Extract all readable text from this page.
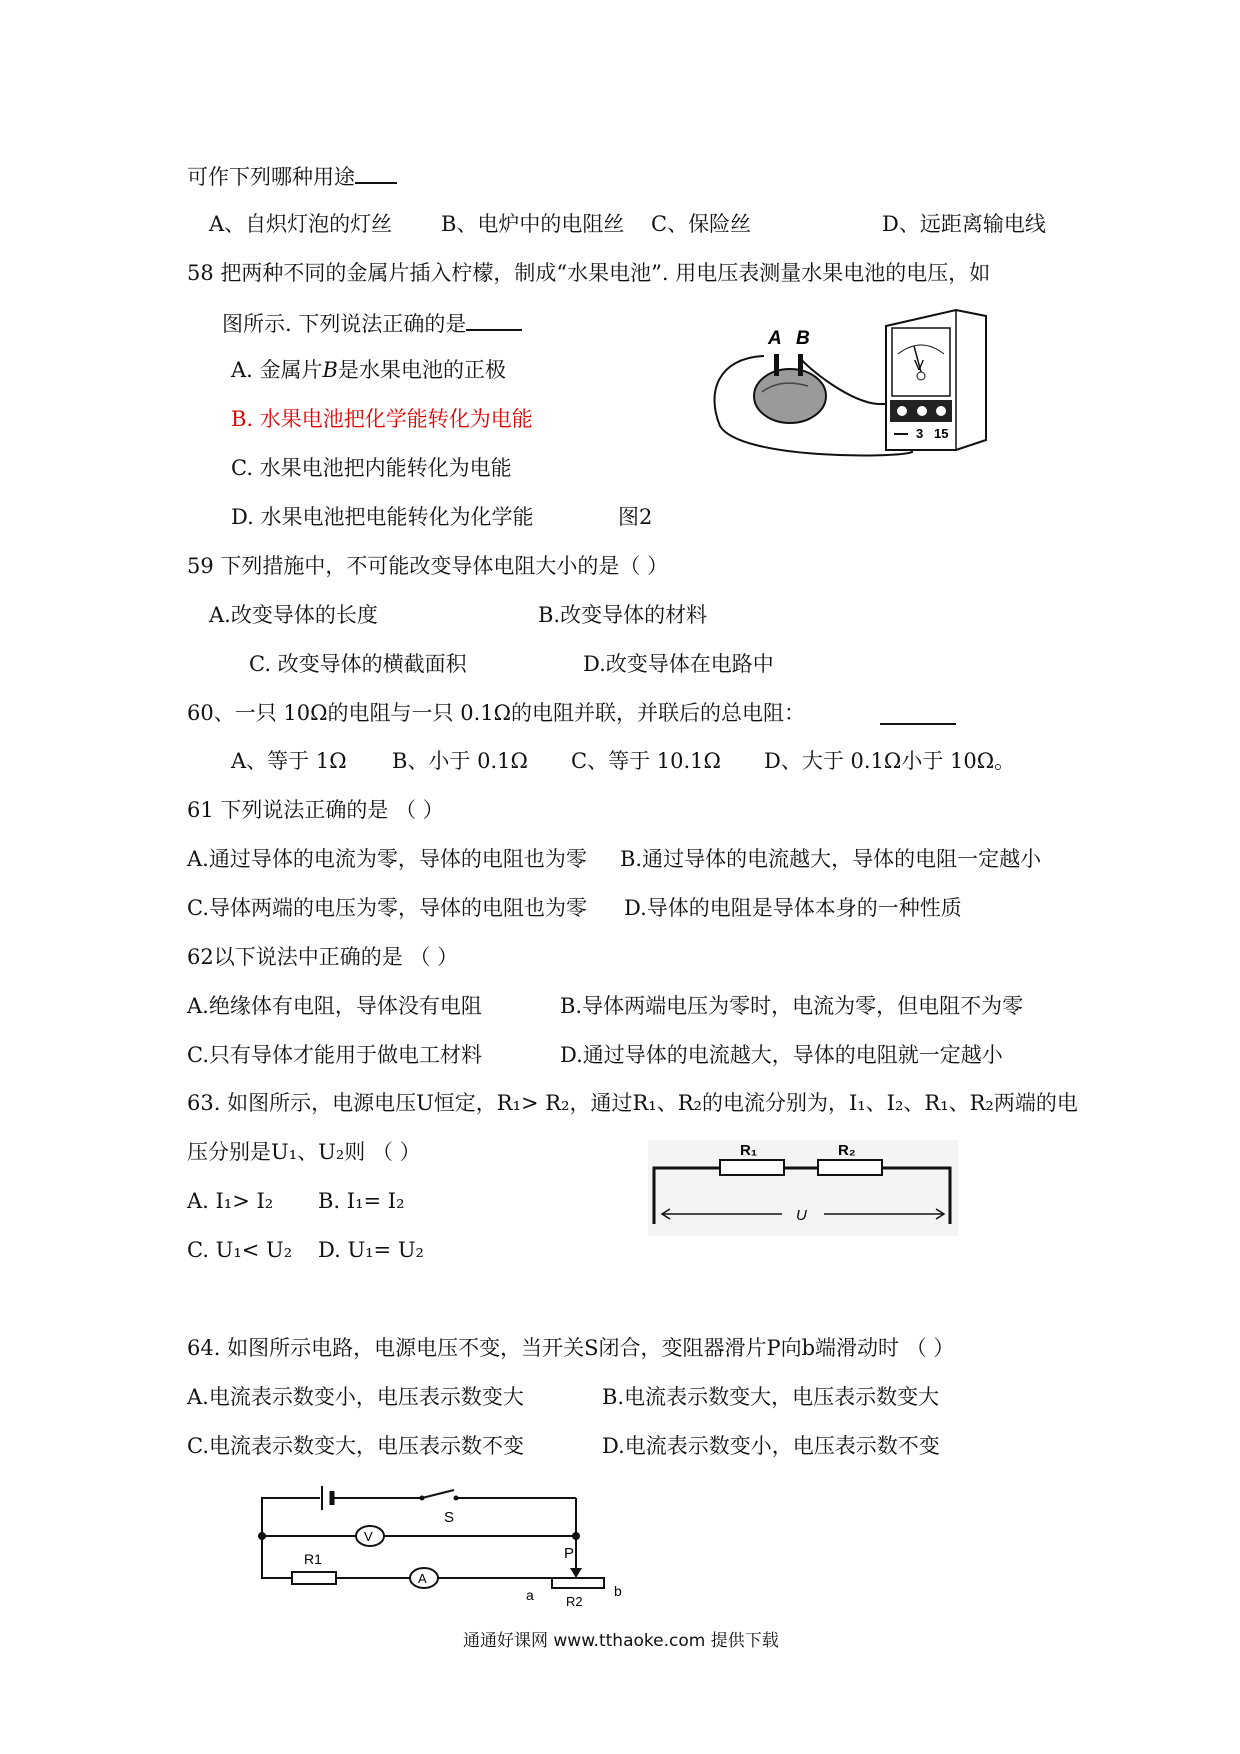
可作下列哪种用途
A、自炽灯泡的灯丝 B、电炉中的电阻丝 C、保险丝	D、远距离输电线
58 把两种不同的金属片插入柠檬，制成“水果电池”. 用电压表测量水果电池的电压，如
图所示. 下列说法正确的是
A. 金属片B是水果电池的正极
B. 水果电池把化学能转化为电能
C. 水果电池把内能转化为电能
D. 水果电池把电能转化为化学能	图2
A B
V
3 15
59 下列措施中，不可能改变导体电阻大小的是（ ）
A.改变导体的长度	B.改变导体的材料
C. 改变导体的横截面积	D.改变导体在电路中
60、一只 10Ω的电阻与一只 0.1Ω的电阻并联，并联后的总电阻：
A、等于 1Ω B、小于 0.1Ω C、等于 10.1Ω D、大于 0.1Ω小于 10Ω。
61 下列说法正确的是 （ ）
A.通过导体的电流为零，导体的电阻也为零 B.通过导体的电流越大，导体的电阻一定越小
C.导体两端的电压为零，导体的电阻也为零 D.导体的电阻是导体本身的一种性质
62以下说法中正确的是 （ ）
A.绝缘体有电阻，导体没有电阻	B.导体两端电压为零时，电流为零，但电阻不为零
C.只有导体才能用于做电工材料	D.通过导体的电流越大，导体的电阻就一定越小
63. 如图所示，电源电压U恒定，R₁> R₂，通过R₁、R₂的电流分别为，I₁、I₂、R₁、R₂两端的电
压分别是U₁、U₂则 （ ）
A. I₁> I₂ B. I₁= I₂
C. U₁< U₂ D. U₁= U₂
R₁	R₂
U
64. 如图所示电路，电源电压不变，当开关S闭合，变阻器滑片P向b端滑动时 （ ）
A.电流表示数变小，电压表示数变大	B.电流表示数变大，电压表示数变大
C.电流表示数变大，电压表示数不变	D.电流表示数变小，电压表示数不变
S
V
R1
A
P
a R2
b
通通好课网 www.tthaoke.com 提供下载
